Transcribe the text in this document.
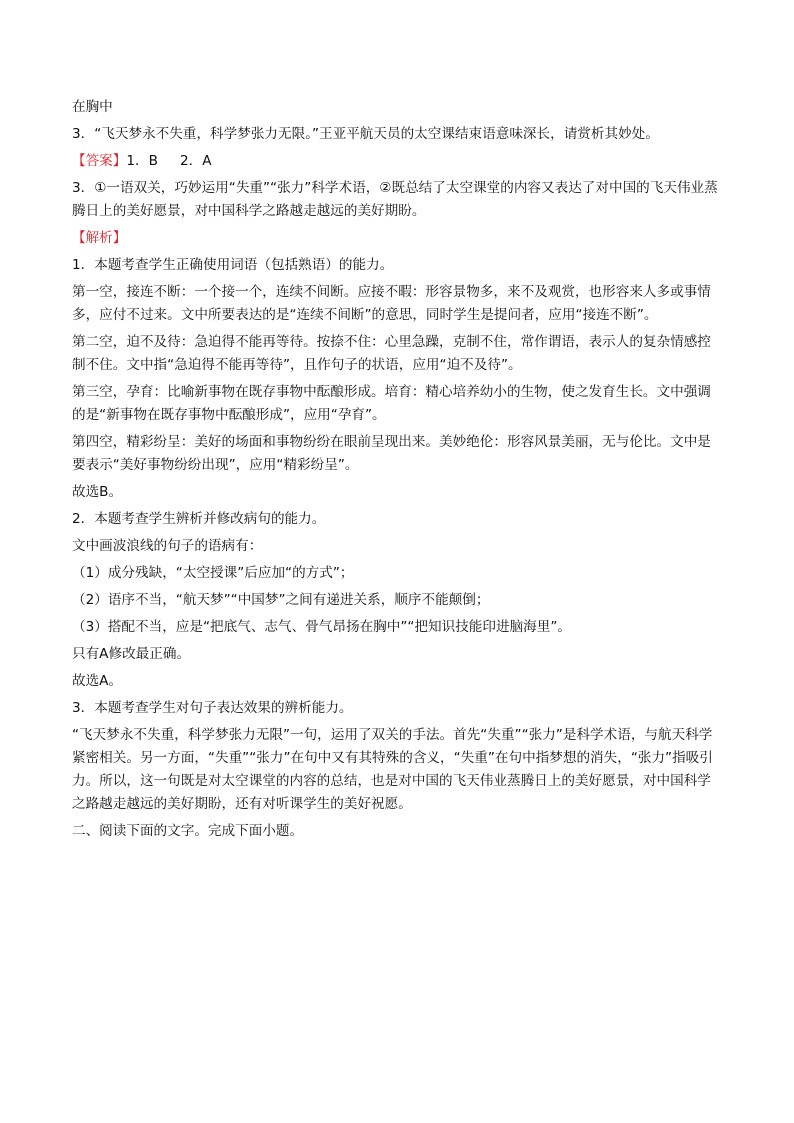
在胸中

3．“飞天梦永不失重，科学梦张力无限。”王亚平航天员的太空课结束语意味深长，请赏析其妙处。

【答案】1．B 2．A

3．①一语双关，巧妙运用“失重”“张力”科学术语，②既总结了太空课堂的内容又表达了对中国的飞天伟业蒸腾日上的美好愿景，对中国科学之路越走越远的美好期盼。

【解析】

1．本题考查学生正确使用词语（包括熟语）的能力。

第一空，接连不断：一个接一个，连续不间断。应接不暇：形容景物多，来不及观赏，也形容来人多或事情多，应付不过来。文中所要表达的是“连续不间断”的意思，同时学生是提问者，应用“接连不断”。

第二空，迫不及待：急迫得不能再等待。按捺不住：心里急躁，克制不住，常作谓语，表示人的复杂情感控制不住。文中指“急迫得不能再等待”，且作句子的状语，应用“迫不及待”。

第三空，孕育：比喻新事物在既存事物中酝酿形成。培育：精心培养幼小的生物，使之发育生长。文中强调的是“新事物在既存事物中酝酿形成”，应用“孕育”。

第四空，精彩纷呈：美好的场面和事物纷纷在眼前呈现出来。美妙绝伦：形容风景美丽，无与伦比。文中是要表示“美好事物纷纷出现”，应用“精彩纷呈”。

故选B。

2．本题考查学生辨析并修改病句的能力。

文中画波浪线的句子的语病有：

（1）成分残缺，“太空授课”后应加“的方式”；

（2）语序不当，“航天梦”“中国梦”之间有递进关系，顺序不能颠倒；

（3）搭配不当，应是“把底气、志气、骨气昂扬在胸中”“把知识技能印进脑海里”。

只有A修改最正确。

故选A。

3．本题考查学生对句子表达效果的辨析能力。

“飞天梦永不失重，科学梦张力无限”一句，运用了双关的手法。首先“失重”“张力”是科学术语，与航天科学紧密相关。另一方面，“失重”“张力”在句中又有其特殊的含义，“失重”在句中指梦想的消失，“张力”指吸引力。所以，这一句既是对太空课堂的内容的总结，也是对中国的飞天伟业蒸腾日上的美好愿景，对中国科学之路越走越远的美好期盼，还有对听课学生的美好祝愿。

二、阅读下面的文字。完成下面小题。
